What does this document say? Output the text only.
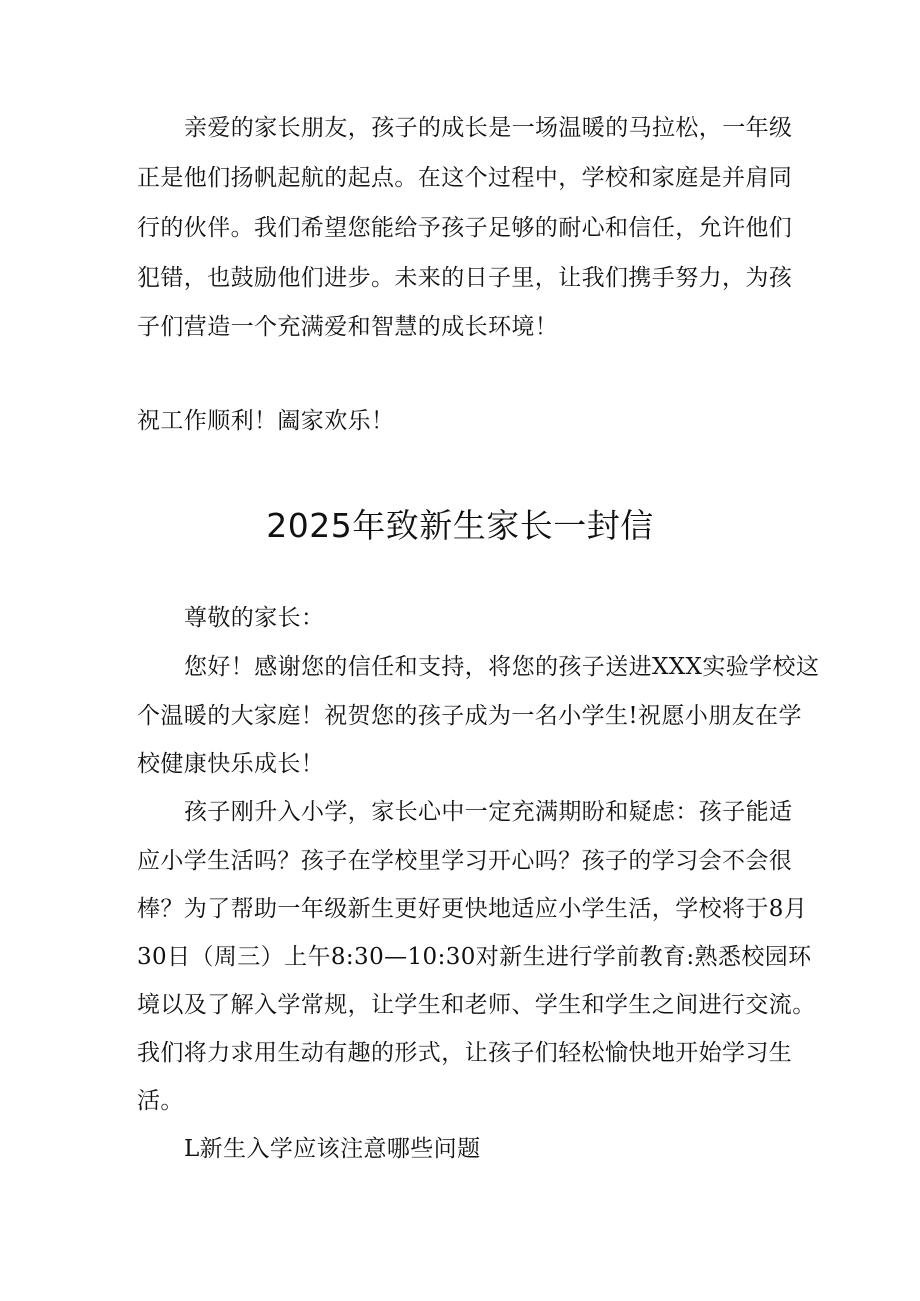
亲爱的家长朋友，孩子的成长是一场温暖的马拉松，一年级
正是他们扬帆起航的起点。在这个过程中，学校和家庭是并肩同
行的伙伴。我们希望您能给予孩子足够的耐心和信任，允许他们
犯错，也鼓励他们进步。未来的日子里，让我们携手努力，为孩
子们营造一个充满爱和智慧的成长环境！
祝工作顺利！阖家欢乐！
2025年致新生家长一封信
尊敬的家长：
您好！感谢您的信任和支持，将您的孩子送进XXX实验学校这
个温暖的大家庭！祝贺您的孩子成为一名小学生!祝愿小朋友在学
校健康快乐成长！
孩子刚升入小学，家长心中一定充满期盼和疑虑：孩子能适
应小学生活吗？孩子在学校里学习开心吗？孩子的学习会不会很
棒？为了帮助一年级新生更好更快地适应小学生活，学校将于8月
30日（周三）上午8:30—10:30对新生进行学前教育:熟悉校园环
境以及了解入学常规，让学生和老师、学生和学生之间进行交流。
我们将力求用生动有趣的形式，让孩子们轻松愉快地开始学习生
活。
L新生入学应该注意哪些问题
